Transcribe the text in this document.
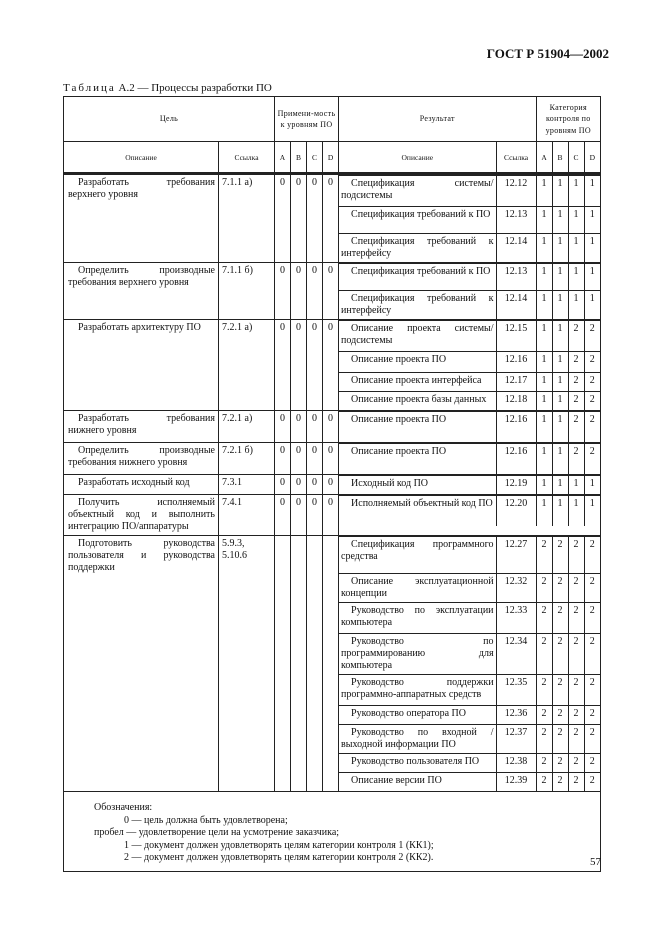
ГОСТ Р 51904—2002
Таблица А.2 — Процессы разработки ПО
Цель	Примени-мость к уровням ПО	
Результат	Категория контроля по уровням ПО

Описание	Ссылка	A	B	C	D		Описание	Ссылка	A	B	C	D

Разработать требования верхнего уровня	7.1.1 а)	0	0	0	0	Спецификация системы/подсистемы	12.12	1	1	1	1
Спецификация требований к ПО	12.13	1	1	1	1
Спецификация требований к интерфейсу	12.14	1	1	1	1

Определить производные требования верхнего уровня	7.1.1 б)	0	0	0	0	Спецификация требований к ПО	12.13	1	1	1	1
Спецификация требований к интерфейсу	12.14	1	1	1	1

Разработать архитектуру ПО	7.2.1 а)	0	0	0	0	Описание проекта системы/подсистемы	12.15	1	1	2	2
Описание проекта ПО	12.16	1	1	2	2
Описание проекта интерфейса	12.17	1	1	2	2
Описание проекта базы данных	12.18	1	1	2	2

Разработать требования нижнего уровня	7.2.1 а)	0	0	0	0	Описание проекта ПО	12.16	1	1	2	2

Определить производные требования нижнего уровня	7.2.1 б)	0	0	0	0	Описание проекта ПО	12.16	1	1	2	2

Разработать исходный код	7.3.1	0	0	0	0	Исходный код ПО	12.19	1	1	1	1

Получить исполняемый объектный код и выполнить интеграцию ПО/аппаратуры	7.4.1	0	0	0	0	Исполняемый объектный код ПО	12.20	1	1	1	1

Подготовить руководства пользователя и руководства поддержки	5.9.3, 5.10.6					
Спецификация программного средства	12.27	2	2	2	2
Описание эксплуатационной концепции	12.32	2	2	2	2
Руководство по эксплуатации компьютера	12.33	2	2	2	2
Руководство по программированию для компьютера	12.34	2	2	2	2
Руководство поддержки программно-аппаратных средств	12.35	2	2	2	2
Руководство оператора ПО	12.36	2	2	2	2
Руководство по входной / выходной информации ПО	12.37	2	2	2	2
Руководство пользователя ПО	12.38	2	2	2	2
Описание версии ПО	12.39	2	2	2	2

Обозначения:
0 — цель должна быть удовлетворена;
пробел — удовлетворение цели на усмотрение заказчика;
1 — документ должен удовлетворять целям категории контроля 1 (КК1);
2 — документ должен удовлетворять целям категории контроля 2 (КК2).	57
